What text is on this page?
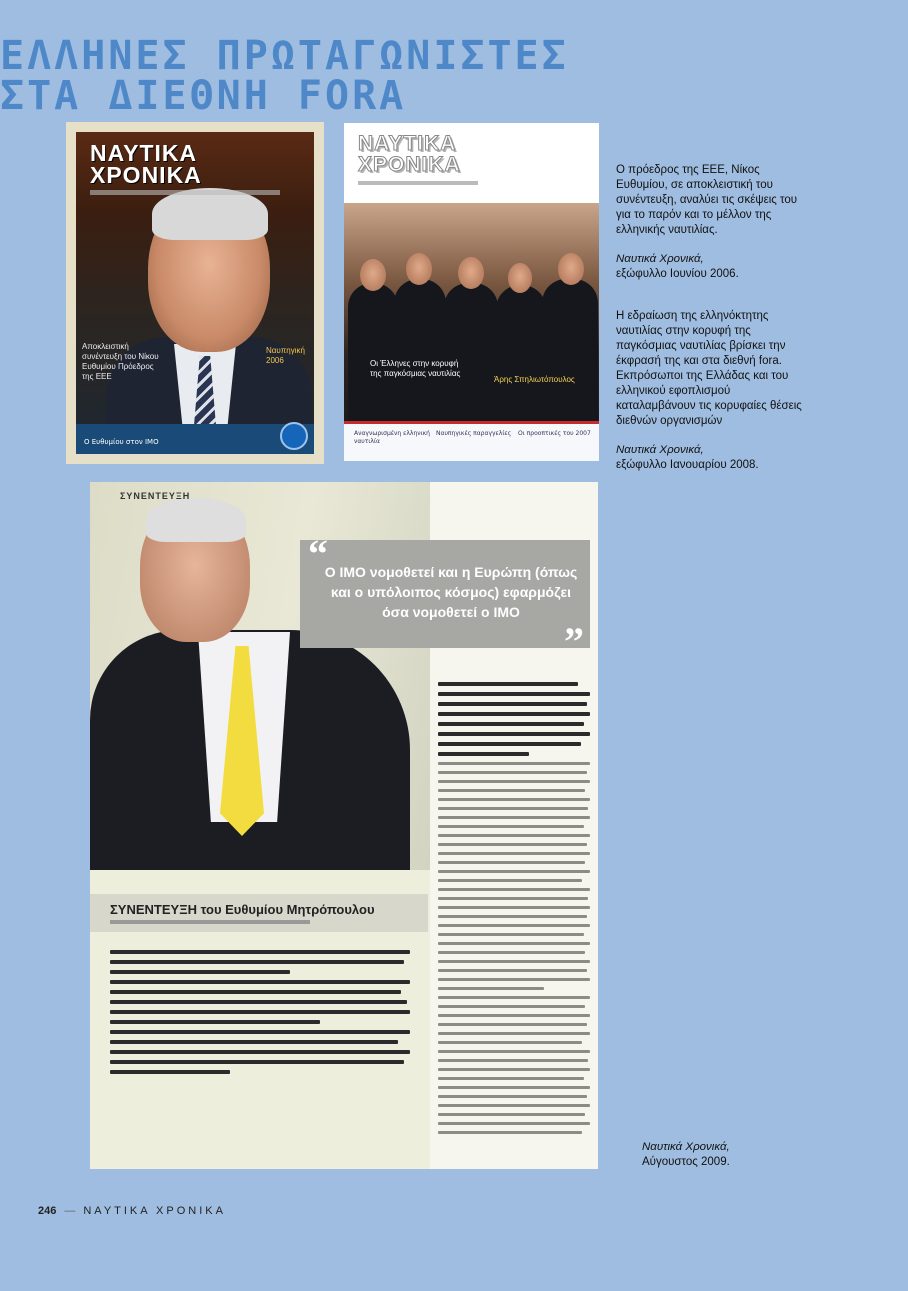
ΕΛΛΗΝΕΣ ΠΡΩΤΑΓΩΝΙΣΤΕΣ
ΣΤΑ ΔΙΕΘΝΗ FORA
ΝΑΥΤΙΚΑ
ΧΡΟΝΙΚΑ
Αποκλειστική συνέντευξη του Νίκου Ευθυμίου Πρόεδρος της ΕΕΕ
Ναυπηγική 2006
Ο Ευθυμίου στον IMO
ΝΑΥΤΙΚΑ
ΧΡΟΝΙΚΑ
Οι Έλληνες στην κορυφή της παγκόσμιας ναυτιλίας
Άρης Σπηλιωτόπουλος
Αναγνωρισμένη ελληνική ναυτιλία
Ναυπηγικές παραγγελίες	Οι προοπτικές του 2007
Ο πρόεδρος της ΕΕΕ, Νίκος Ευθυμίου, σε αποκλειστική του συνέντευξη, αναλύει τις σκέψεις του για το παρόν και το μέλλον της ελληνικής ναυτιλίας.
Ναυτικά Χρονικά,
εξώφυλλο Ιουνίου 2006.
Η εδραίωση της ελληνόκτητης ναυτιλίας στην κορυφή της παγκόσμιας ναυτιλίας βρίσκει την έκφρασή της και στα διεθνή fora. Εκπρόσωποι της Ελλάδας και του ελληνικού εφοπλισμού καταλαμβάνουν τις κορυφαίες θέσεις διεθνών οργανισμών
Ναυτικά Χρονικά,
εξώφυλλο Ιανουαρίου 2008.
ΣΥΝΕΝΤΕΥΞΗ
ΣΥΝΕΝΤΕΥΞΗ του Ευθυμίου Μητρόπουλου
“
Ο ΙΜΟ νομοθετεί και η Ευρώπη (όπως και ο υπόλοιπος κόσμος) εφαρμόζει όσα νομοθετεί ο ΙΜΟ
”
Ναυτικά Χρονικά,
Αύγουστος 2009.
246 — ΝΑΥΤΙΚΑ ΧΡΟΝΙΚΑ
